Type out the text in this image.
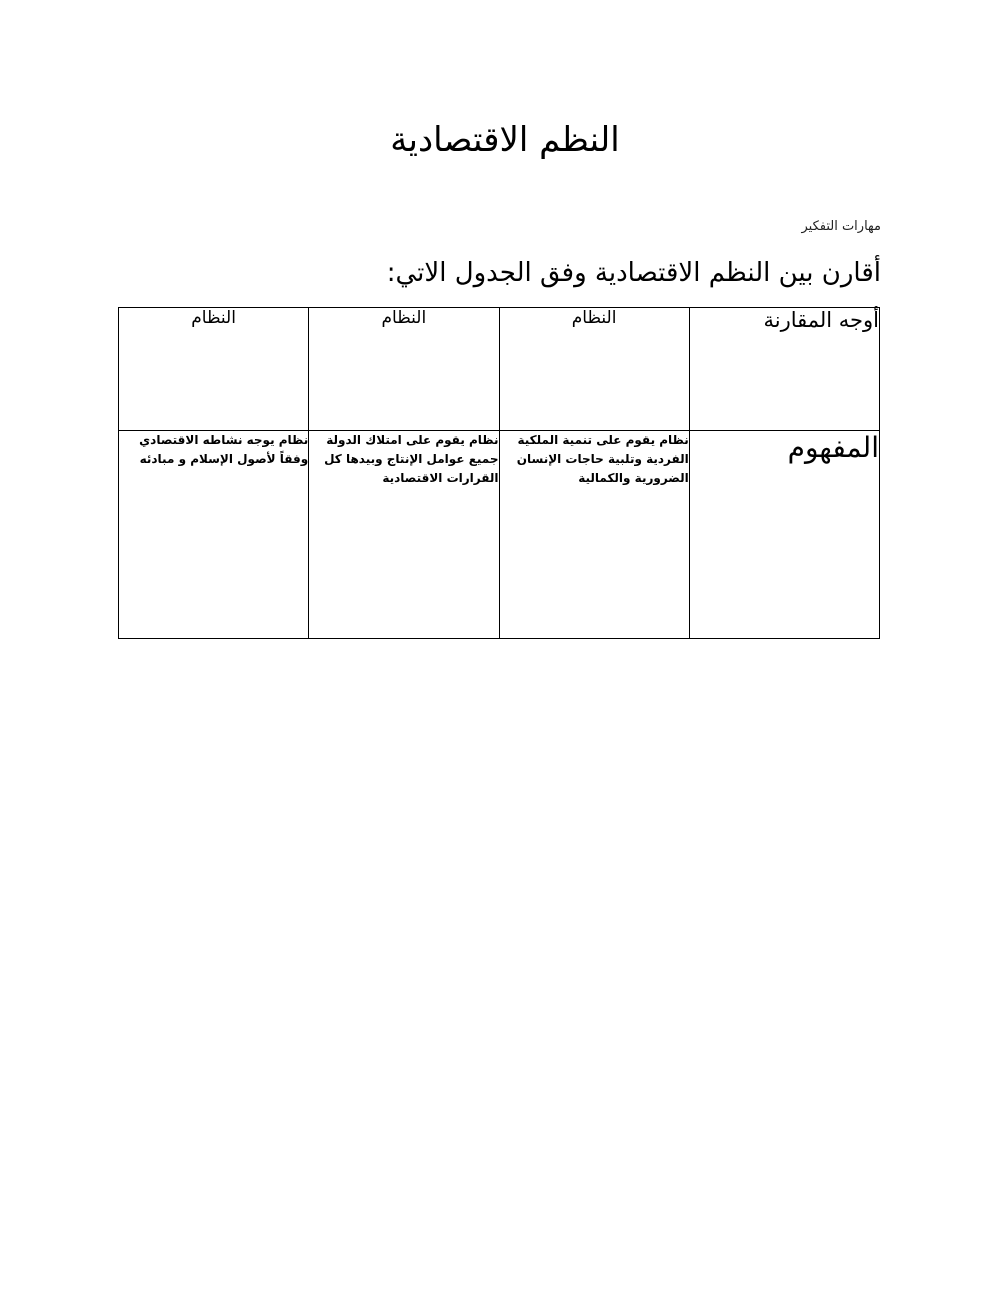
النظم الاقتصادية
مهارات التفكير
أقارن بين النظم الاقتصادية وفق الجدول الاتي:
أوجه المقارنة	النظام	النظام	النظام
المفهوم	نظام يقوم على تنمية الملكية الفردية وتلبية حاجات الإنسان الضرورية والكمالية	نظام يقوم على امتلاك الدولة جميع عوامل الإنتاج وبيدها كل القرارات الاقتصادية	نظام يوجه نشاطه الاقتصادي وفقاً لأصول الإسلام و مبادئه
